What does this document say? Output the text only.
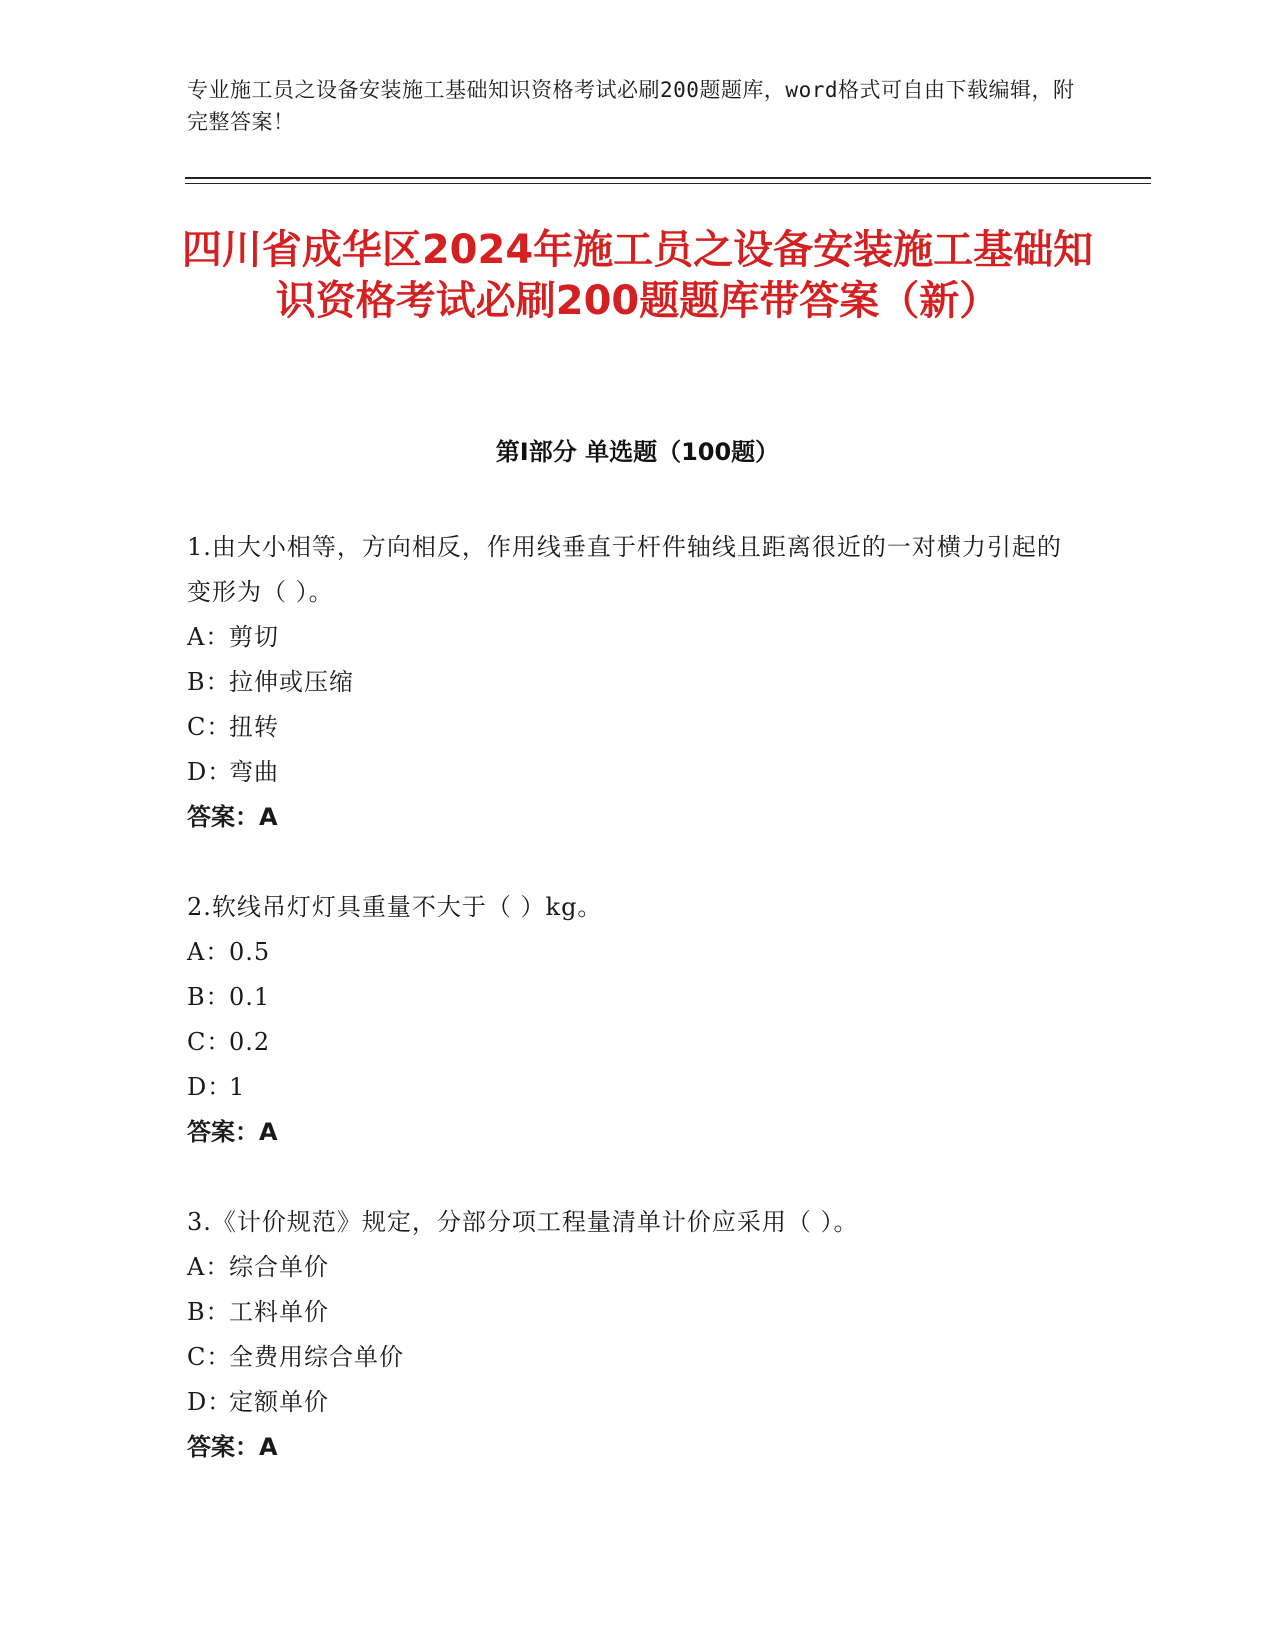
专业施工员之设备安装施工基础知识资格考试必刷200题题库，word格式可自由下载编辑，附完整答案！
四川省成华区2024年施工员之设备安装施工基础知识资格考试必刷200题题库带答案（新）
第Ⅰ部分 单选题（100题）
1.由大小相等，方向相反，作用线垂直于杆件轴线且距离很近的一对横力引起的变形为（ ）。
A：剪切
B：拉伸或压缩
C：扭转
D：弯曲
答案：A
2.软线吊灯灯具重量不大于（ ）kg。
A：0.5
B：0.1
C：0.2
D：1
答案：A
3.《计价规范》规定，分部分项工程量清单计价应采用（ ）。
A：综合单价
B：工料单价
C：全费用综合单价
D：定额单价
答案：A
